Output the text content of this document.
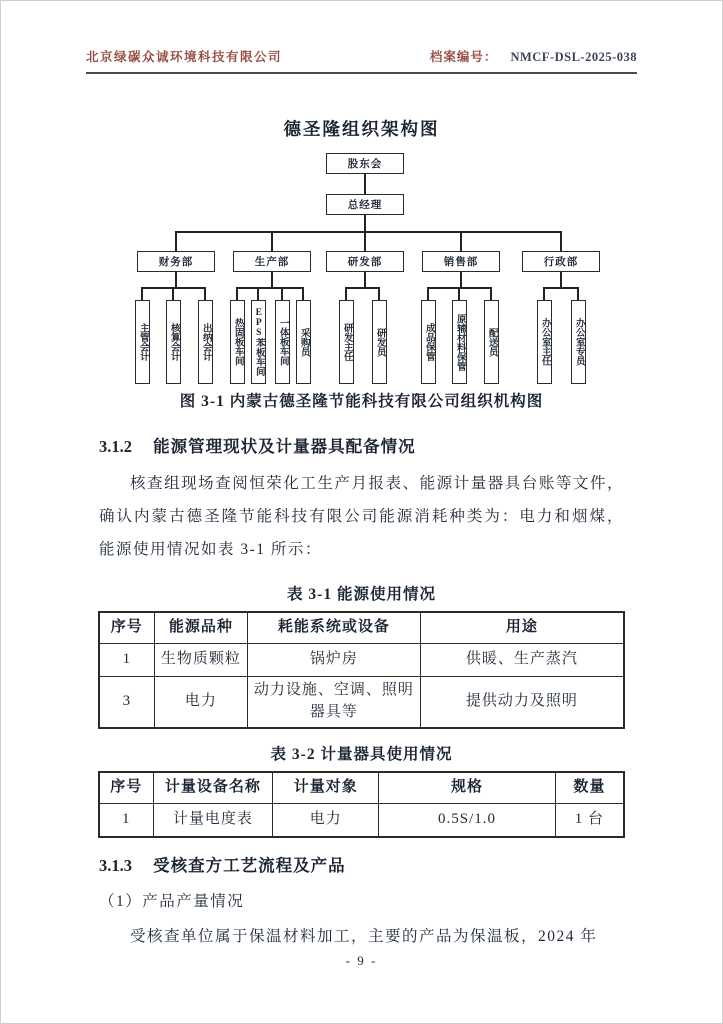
北京绿碳众诚环境科技有限公司	档案编号： NMCF-DSL-2025-038
德圣隆组织架构图
股东会
总经理
财务部
主管会计 核算会计 出纳会计
生产部
热固板车间 EPS苯板车间 一体板车间 采购员
研发部
研发主任 研发员
销售部
成品保管 原辅材料保管 配送员
行政部
办公室主任	办公室专员
图 3-1 内蒙古德圣隆节能科技有限公司组织机构图
3.1.2 能源管理现状及计量器具配备情况
核查组现场查阅恒荣化工生产月报表、能源计量器具台账等文件，确认内蒙古德圣隆节能科技有限公司能源消耗种类为：电力和烟煤，能源使用情况如表 3-1 所示：
表 3-1 能源使用情况
序号	能源品种	耗能系统或设备	用途
1	生物质颗粒	锅炉房	供暖、生产蒸汽
3	电力	动力设施、空调、照明器具等	提供动力及照明
表 3-2 计量器具使用情况
序号	计量设备名称	计量对象	规格	数量
1	计量电度表	电力	0.5S/1.0	1 台
3.1.3 受核查方工艺流程及产品
（1）产品产量情况
受核查单位属于保温材料加工，主要的产品为保温板，2024 年
- 9 -
